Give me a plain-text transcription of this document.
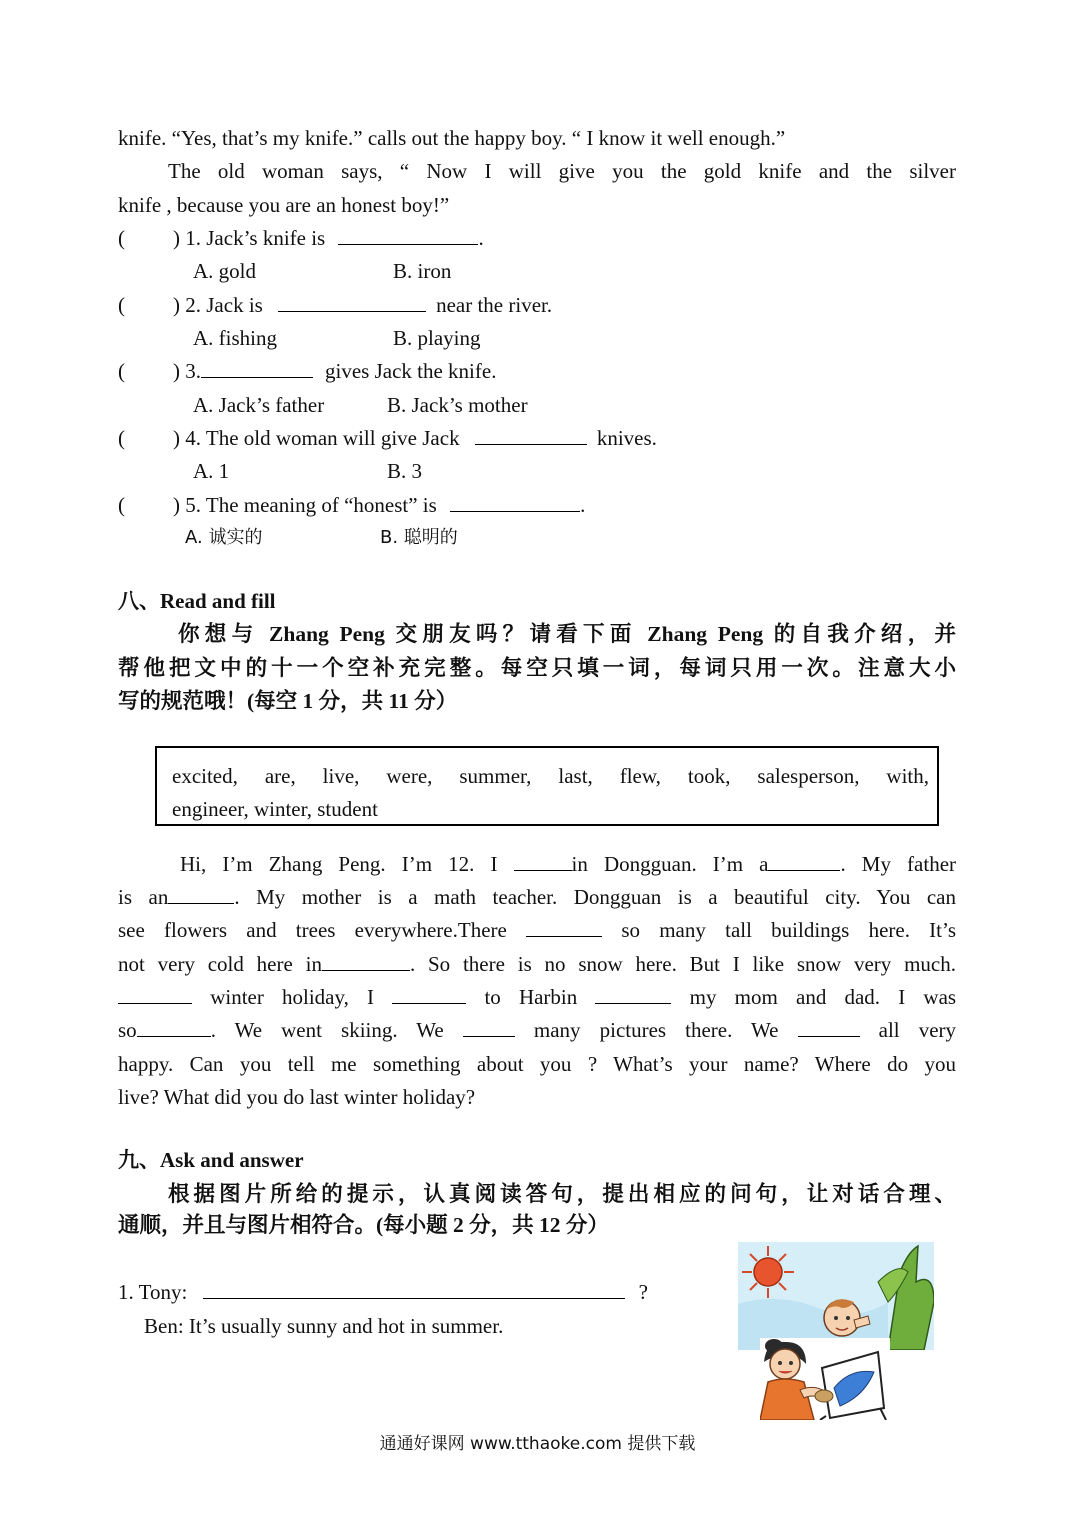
knife. “Yes, that’s my knife.” calls out the happy boy. “ I know it well enough.”
The old woman says, “ Now I will give you the gold knife and the silver
knife , because you are an honest boy!”
( ) 1. Jack’s knife is	.
A. gold	B. iron
( ) 2. Jack is	near the river.
A. fishing	B. playing
( ) 3.	gives Jack the knife.
A. Jack’s father	B. Jack’s mother
( ) 4. The old woman will give Jack	knives.
A. 1	B. 3
( ) 5. The meaning of “honest” is	.
A. 诚实的	B. 聪明的
八、Read and fill
你想与 Zhang Peng 交朋友吗？请看下面 Zhang Peng 的自我介绍，并
帮他把文中的十一个空补充完整。每空只填一词，每词只用一次。注意大小
写的规范哦！(每空 1 分，共 11 分）
excited, are, live, were, summer, last, flew, took, salesperson, with,
engineer, winter, student
Hi, I’m Zhang Peng. I’m 12. I	in Dongguan. I’m a	. My father
is an	. My mother is a math teacher. Dongguan is a beautiful city. You can
see flowers and trees everywhere.There	so many tall buildings here. It’s
not very cold here in	. So there is no snow here. But I like snow very much.
winter holiday, I	to Harbin	my mom and dad. I was
so	. We went skiing. We	many pictures there. We	all very
happy. Can you tell me something about you ? What’s your name? Where do you
live? What did you do last winter holiday?
九、Ask and answer
根据图片所给的提示，认真阅读答句，提出相应的问句，让对话合理、
通顺，并且与图片相符合。(每小题 2 分，共 12 分）
1. Tony:	?
Ben: It’s usually sunny and hot in summer.
通通好课网 www.tthaoke.com 提供下载
